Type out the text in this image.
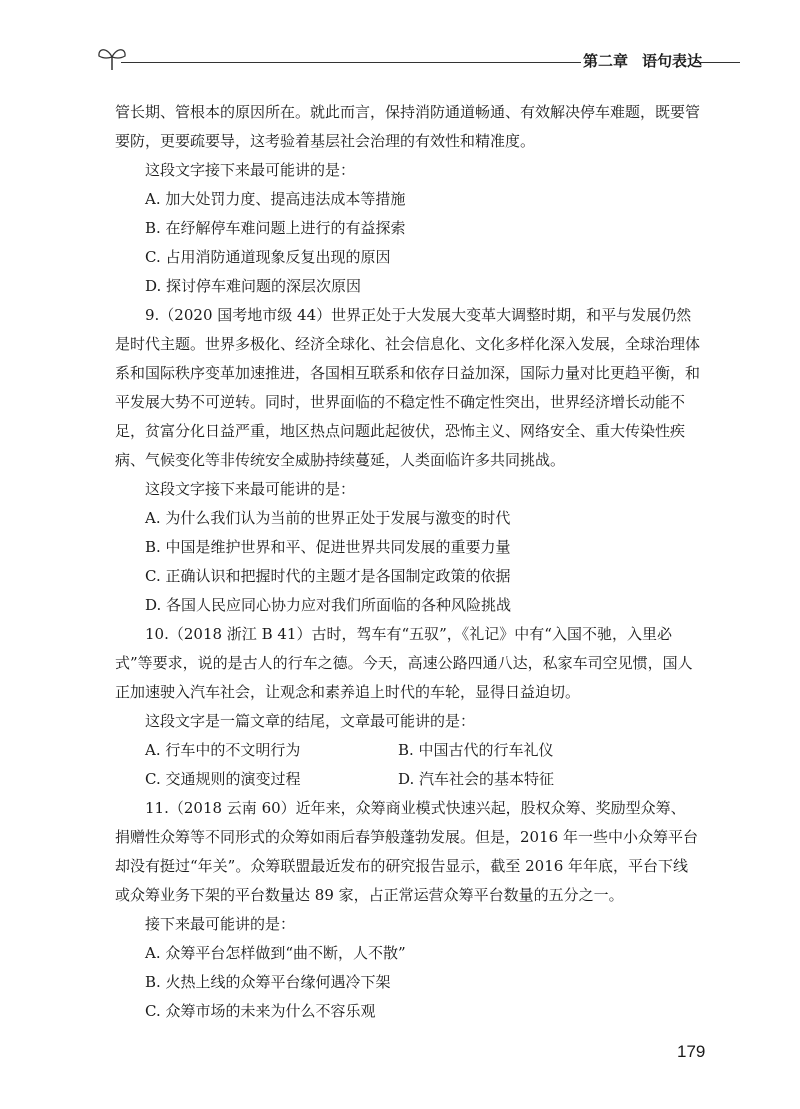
第二章 语句表达

管长期、管根本的原因所在。就此而言，保持消防通道畅通、有效解决停车难题，既要管要防，更要疏要导，这考验着基层社会治理的有效性和精准度。

这段文字接下来最可能讲的是：

A. 加大处罚力度、提高违法成本等措施

B. 在纾解停车难问题上进行的有益探索

C. 占用消防通道现象反复出现的原因

D. 探讨停车难问题的深层次原因

9.（2020 国考地市级 44）世界正处于大发展大变革大调整时期，和平与发展仍然是时代主题。世界多极化、经济全球化、社会信息化、文化多样化深入发展，全球治理体系和国际秩序变革加速推进，各国相互联系和依存日益加深，国际力量对比更趋平衡，和平发展大势不可逆转。同时，世界面临的不稳定性不确定性突出，世界经济增长动能不足，贫富分化日益严重，地区热点问题此起彼伏，恐怖主义、网络安全、重大传染性疾病、气候变化等非传统安全威胁持续蔓延，人类面临许多共同挑战。

这段文字接下来最可能讲的是：

A. 为什么我们认为当前的世界正处于发展与激变的时代

B. 中国是维护世界和平、促进世界共同发展的重要力量

C. 正确认识和把握时代的主题才是各国制定政策的依据

D. 各国人民应同心协力应对我们所面临的各种风险挑战

10.（2018 浙江 B 41）古时，驾车有“五驭”，《礼记》中有“入国不驰，入里必式”等要求，说的是古人的行车之德。今天，高速公路四通八达，私家车司空见惯，国人正加速驶入汽车社会，让观念和素养追上时代的车轮，显得日益迫切。

这段文字是一篇文章的结尾，文章最可能讲的是：

A. 行车中的不文明行为	B. 中国古代的行车礼仪
C. 交通规则的演变过程	D. 汽车社会的基本特征

11.（2018 云南 60）近年来，众筹商业模式快速兴起，股权众筹、奖励型众筹、捐赠性众筹等不同形式的众筹如雨后春笋般蓬勃发展。但是，2016 年一些中小众筹平台却没有挺过“年关”。众筹联盟最近发布的研究报告显示，截至 2016 年年底，平台下线或众筹业务下架的平台数量达 89 家，占正常运营众筹平台数量的五分之一。

接下来最可能讲的是：

A. 众筹平台怎样做到“曲不断，人不散”

B. 火热上线的众筹平台缘何遇冷下架

C. 众筹市场的未来为什么不容乐观

179
